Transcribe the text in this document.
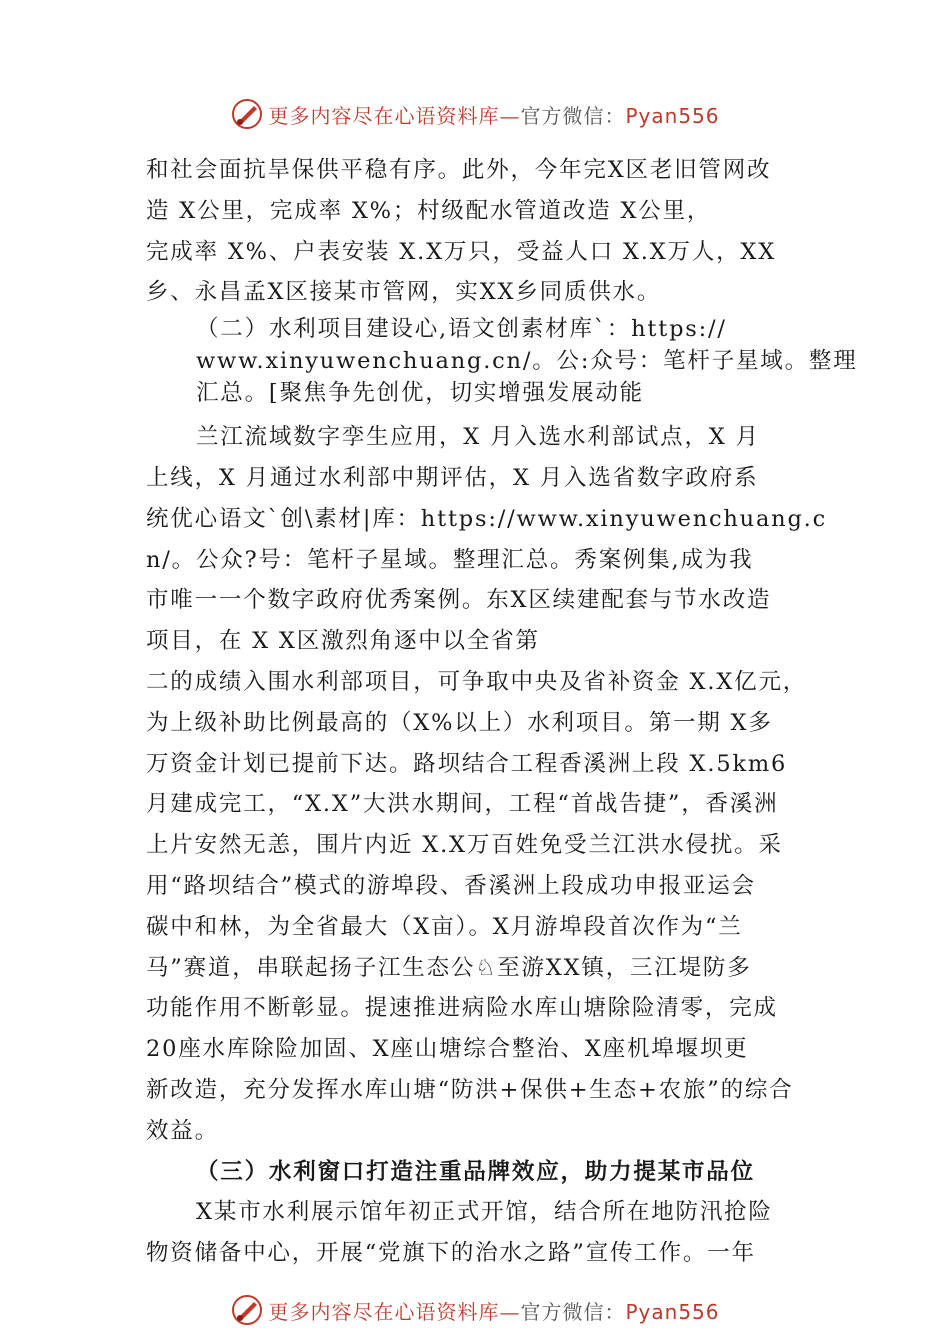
更多内容尽在心语资料库—官方微信：Pyan556
和社会面抗旱保供平稳有序。此外，今年完X区老旧管网改
造 X公里，完成率 X%；村级配水管道改造 X公里，
完成率 X%、户表安装 X.X万只，受益人口 X.X万人，XX
乡、永昌孟X区接某市管网，实XX乡同质供水。
（二）水利项目建设心,语文创素材库`：https://
www.xinyuwenchuang.cn/。公:众号：笔杆子星域。整理
汇总。[聚焦争先创优，切实增强发展动能
兰江流域数字孪生应用，X 月入选水利部试点，X 月
上线，X 月通过水利部中期评估，X 月入选省数字政府系
统优心语文`创\素材|库：https://www.xinyuwenchuang.c
n/。公众?号：笔杆子星域。整理汇总。秀案例集,成为我
市唯一一个数字政府优秀案例。东X区续建配套与节水改造
项目，在 X X区激烈角逐中以全省第
二的成绩入围水利部项目，可争取中央及省补资金 X.X亿元，
为上级补助比例最高的（X%以上）水利项目。第一期 X多
万资金计划已提前下达。路坝结合工程香溪洲上段 X.5km6
月建成完工，“X.X”大洪水期间，工程“首战告捷”，香溪洲
上片安然无恙，围片内近 X.X万百姓免受兰江洪水侵扰。采
用“路坝结合”模式的游埠段、香溪洲上段成功申报亚运会
碳中和林，为全省最大（X亩）。X月游埠段首次作为“兰
马”赛道，串联起扬子江生态公♘至游XX镇，三江堤防多
功能作用不断彰显。提速推进病险水库山塘除险清零，完成
20座水库除险加固、X座山塘综合整治、X座机埠堰坝更
新改造，充分发挥水库山塘“防洪+保供+生态+农旅”的综合
效益。
（三）水利窗口打造注重品牌效应，助力提某市品位
X某市水利展示馆年初正式开馆，结合所在地防汛抢险
物资储备中心，开展“党旗下的治水之路”宣传工作。一年
更多内容尽在心语资料库—官方微信：Pyan556
